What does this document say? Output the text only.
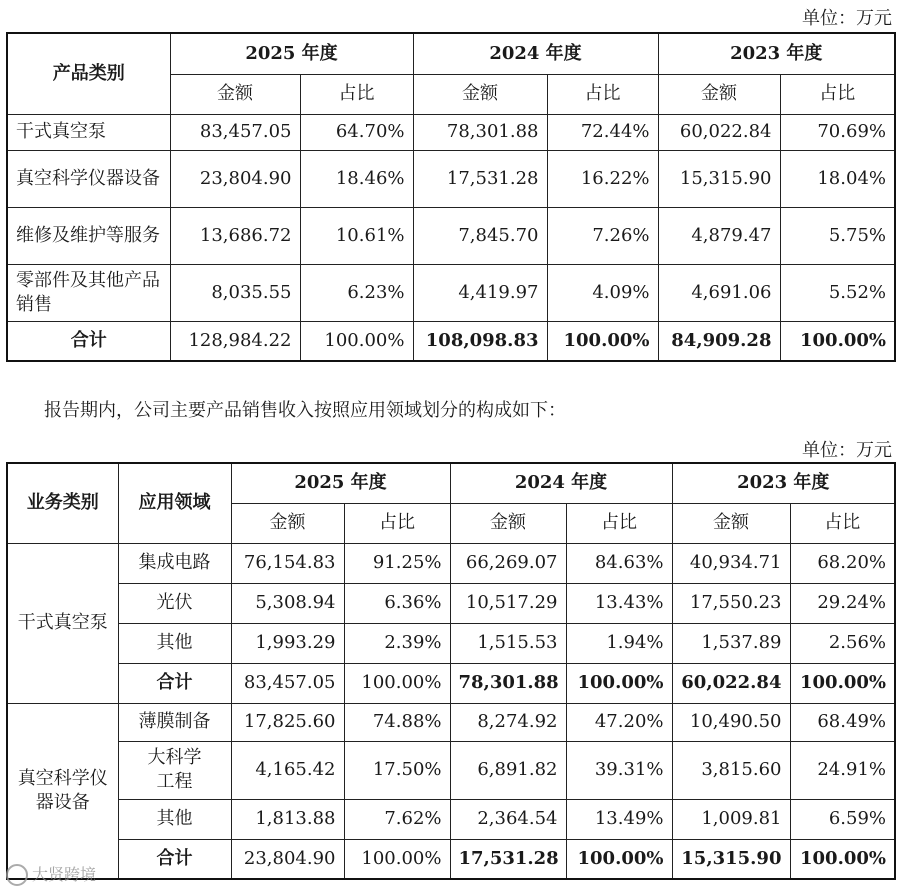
单位：万元
产品类别	2025 年度		2024 年度		2023 年度	
	金额	占比	金额	占比	金额	占比
干式真空泵	83,457.05	64.70%	78,301.88	72.44%	60,022.84	70.69%
真空科学仪器设备	23,804.90	18.46%	17,531.28	16.22%	15,315.90	18.04%
维修及维护等服务	13,686.72	10.61%	7,845.70	7.26%	4,879.47	5.75%
零部件及其他产品销售	8,035.55	6.23%	4,419.97	4.09%	4,691.06	5.52%
合计	128,984.22	100.00%	108,098.83	100.00%	84,909.28	100.00%
报告期内，公司主要产品销售收入按照应用领域划分的构成如下：
单位：万元
业务类别	应用领域	2025 年度		2024 年度		2023 年度	
		金额	占比	金额	占比	金额	占比
干式真空泵	集成电路	76,154.83	91.25%	66,269.07	84.63%	40,934.71	68.20%
	光伏	5,308.94	6.36%	10,517.29	13.43%	17,550.23	29.24%
	其他	1,993.29	2.39%	1,515.53	1.94%	1,537.89	2.56%
	合计	83,457.05	100.00%	78,301.88	100.00%	60,022.84	100.00%
真空科学仪器设备	薄膜制备	17,825.60	74.88%	8,274.92	47.20%	10,490.50	68.49%
	大科学工程	4,165.42	17.50%	6,891.82	39.31%	3,815.60	24.91%
	其他	1,813.88	7.62%	2,364.54	13.49%	1,009.81	6.59%
	合计	23,804.90	100.00%	17,531.28	100.00%	15,315.90	100.00%
大贤跨境
